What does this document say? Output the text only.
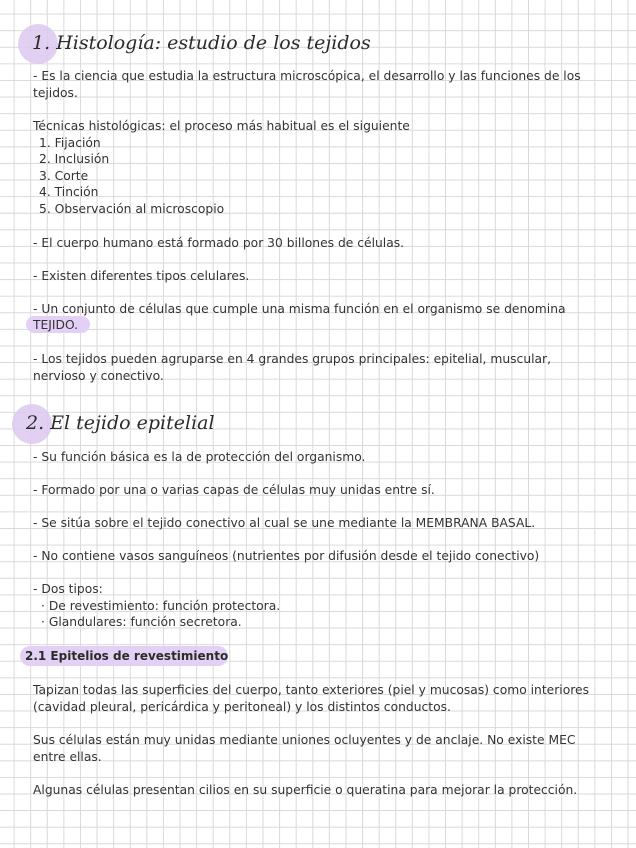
1. Histología: estudio de los tejidos
- Es la ciencia que estudia la estructura microscópica, el desarrollo y las funciones de los
tejidos.
Técnicas histológicas: el proceso más habitual es el siguiente
1. Fijación
2. Inclusión
3. Corte
4. Tinción
5. Observación al microscopio
- El cuerpo humano está formado por 30 billones de células.
- Existen diferentes tipos celulares.
- Un conjunto de células que cumple una misma función en el organismo se denomina
TEJIDO.
- Los tejidos pueden agruparse en 4 grandes grupos principales: epitelial, muscular,
nervioso y conectivo.
2. El tejido epitelial
- Su función básica es la de protección del organismo.
- Formado por una o varias capas de células muy unidas entre sí.
- Se sitúa sobre el tejido conectivo al cual se une mediante la MEMBRANA BASAL.
- No contiene vasos sanguíneos (nutrientes por difusión desde el tejido conectivo)
- Dos tipos:
· De revestimiento: función protectora.
· Glandulares: función secretora.
2.1 Epitelios de revestimiento
Tapizan todas las superficies del cuerpo, tanto exteriores (piel y mucosas) como interiores
(cavidad pleural, pericárdica y peritoneal) y los distintos conductos.
Sus células están muy unidas mediante uniones ocluyentes y de anclaje. No existe MEC
entre ellas.
Algunas células presentan cilios en su superficie o queratina para mejorar la protección.
